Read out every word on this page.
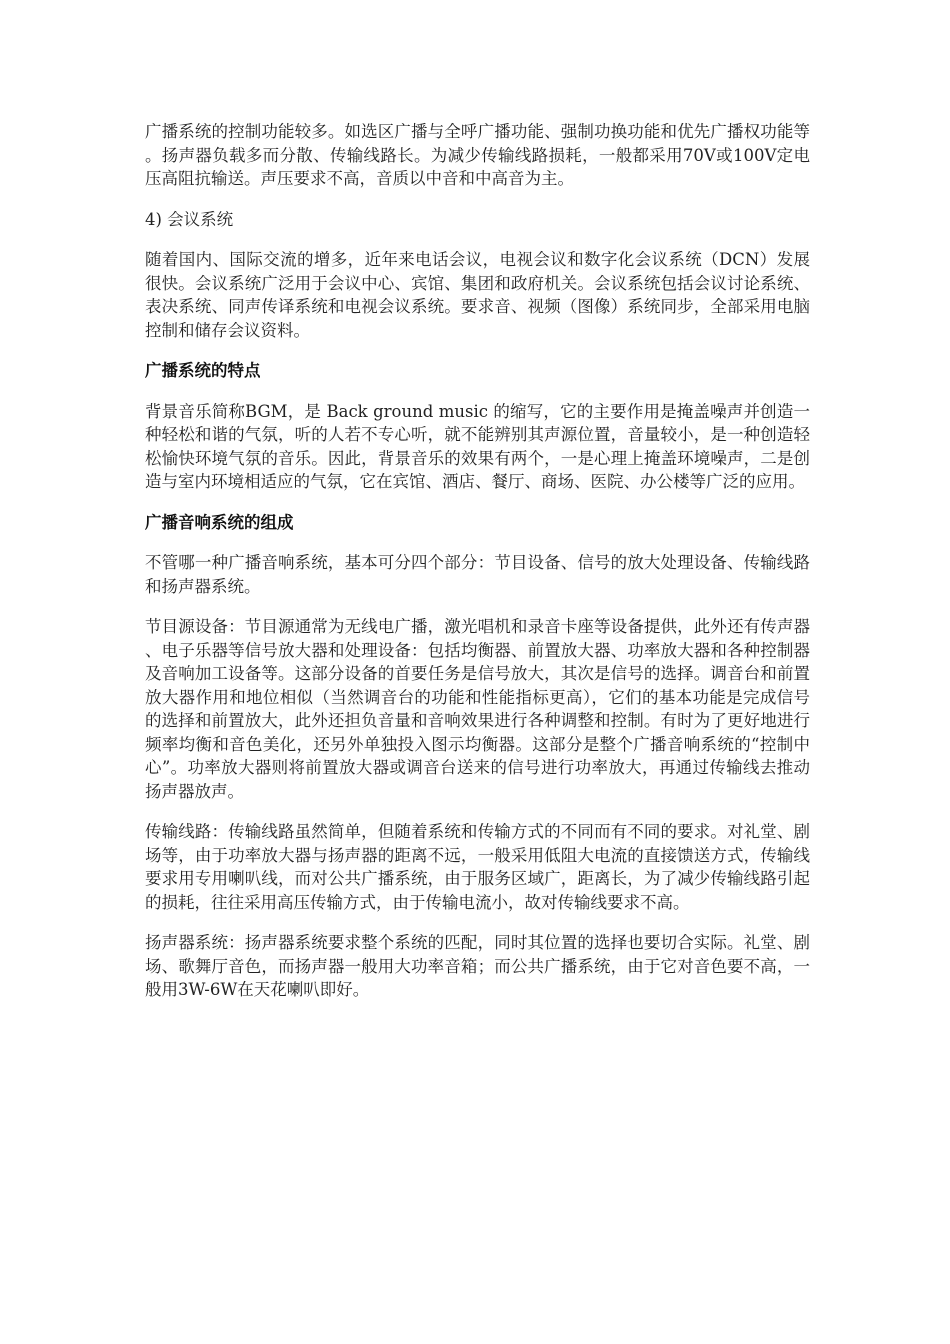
广播系统的控制功能较多。如选区广播与全呼广播功能、强制功换功能和优先广播权功能等。扬声器负载多而分散、传输线路长。为减少传输线路损耗，一般都采用70V或100V定电压高阻抗输送。声压要求不高，音质以中音和中高音为主。

4) 会议系统

随着国内、国际交流的增多，近年来电话会议，电视会议和数字化会议系统（DCN）发展很快。会议系统广泛用于会议中心、宾馆、集团和政府机关。会议系统包括会议讨论系统、表决系统、同声传译系统和电视会议系统。要求音、视频（图像）系统同步，全部采用电脑控制和储存会议资料。

广播系统的特点

背景音乐简称BGM，是 Back ground music 的缩写，它的主要作用是掩盖噪声并创造一种轻松和谐的气氛，听的人若不专心听，就不能辨别其声源位置，音量较小，是一种创造轻松愉快环境气氛的音乐。因此，背景音乐的效果有两个，一是心理上掩盖环境噪声，二是创造与室内环境相适应的气氛，它在宾馆、酒店、餐厅、商场、医院、办公楼等广泛的应用。

广播音响系统的组成

不管哪一种广播音响系统，基本可分四个部分：节目设备、信号的放大处理设备、传输线路和扬声器系统。

节目源设备：节目源通常为无线电广播，激光唱机和录音卡座等设备提供，此外还有传声器、电子乐器等信号放大器和处理设备：包括均衡器、前置放大器、功率放大器和各种控制器及音响加工设备等。这部分设备的首要任务是信号放大，其次是信号的选择。调音台和前置放大器作用和地位相似（当然调音台的功能和性能指标更高），它们的基本功能是完成信号的选择和前置放大，此外还担负音量和音响效果进行各种调整和控制。有时为了更好地进行频率均衡和音色美化，还另外单独投入图示均衡器。这部分是整个广播音响系统的“控制中心”。功率放大器则将前置放大器或调音台送来的信号进行功率放大，再通过传输线去推动扬声器放声。

传输线路：传输线路虽然简单，但随着系统和传输方式的不同而有不同的要求。对礼堂、剧场等，由于功率放大器与扬声器的距离不远，一般采用低阻大电流的直接馈送方式，传输线要求用专用喇叭线，而对公共广播系统，由于服务区域广，距离长，为了减少传输线路引起的损耗，往往采用高压传输方式，由于传输电流小，故对传输线要求不高。

扬声器系统：扬声器系统要求整个系统的匹配，同时其位置的选择也要切合实际。礼堂、剧场、歌舞厅音色，而扬声器一般用大功率音箱；而公共广播系统，由于它对音色要不高，一般用3W-6W在天花喇叭即好。
